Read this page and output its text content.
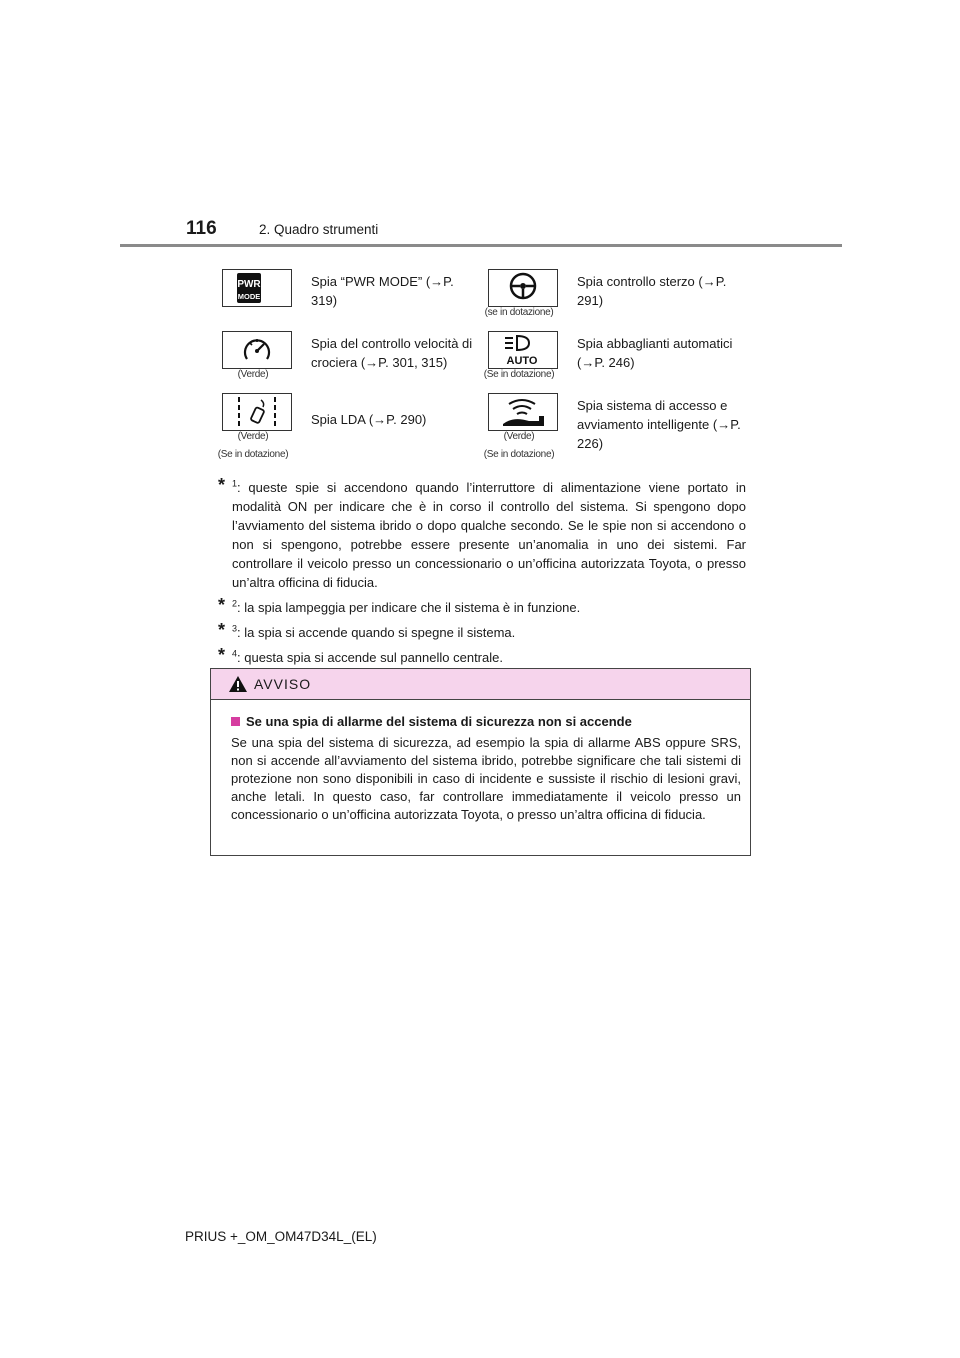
116	2. Quadro strumenti
PWR
MODE
Spia “PWR MODE” (→P. 319)
(se in dotazione)
Spia controllo sterzo (→P. 291)
(Verde)
Spia del controllo velocità di crociera (→P. 301, 315)	AUTO
(Se in dotazione)
Spia abbaglianti automatici (→P. 246)
(Verde)
(Se in dotazione)
Spia LDA (→P. 290)
(Verde)
(Se in dotazione)
Spia sistema di accesso e avviamento intelligente (→P. 226)
* $^1$: queste spie si accendono quando l’interruttore di alimentazione viene portato in modalità ON per indicare che è in corso il controllo del sistema. Si spengono dopo l’avviamento del sistema ibrido o dopo qualche secondo. Se le spie non si accendono o non si spengono, potrebbe essere presente un’anomalia in uno dei sistemi. Far controllare il veicolo presso un concessionario o un’officina autorizzata Toyota, o presso un’altra officina di fiducia.
* $^2$: la spia lampeggia per indicare che il sistema è in funzione.
* $^3$: la spia si accende quando si spegne il sistema.
* $^4$: questa spia si accende sul pannello centrale.
AVVISO
Se una spia di allarme del sistema di sicurezza non si accende
Se una spia del sistema di sicurezza, ad esempio la spia di allarme ABS oppure SRS, non si accende all’avviamento del sistema ibrido, potrebbe significare che tali sistemi di protezione non sono disponibili in caso di incidente e sussiste il rischio di lesioni gravi, anche letali. In questo caso, far controllare immediatamente il veicolo presso un concessionario o un’officina autorizzata Toyota, o presso un’altra officina di fiducia.
PRIUS +_OM_OM47D34L_(EL)
